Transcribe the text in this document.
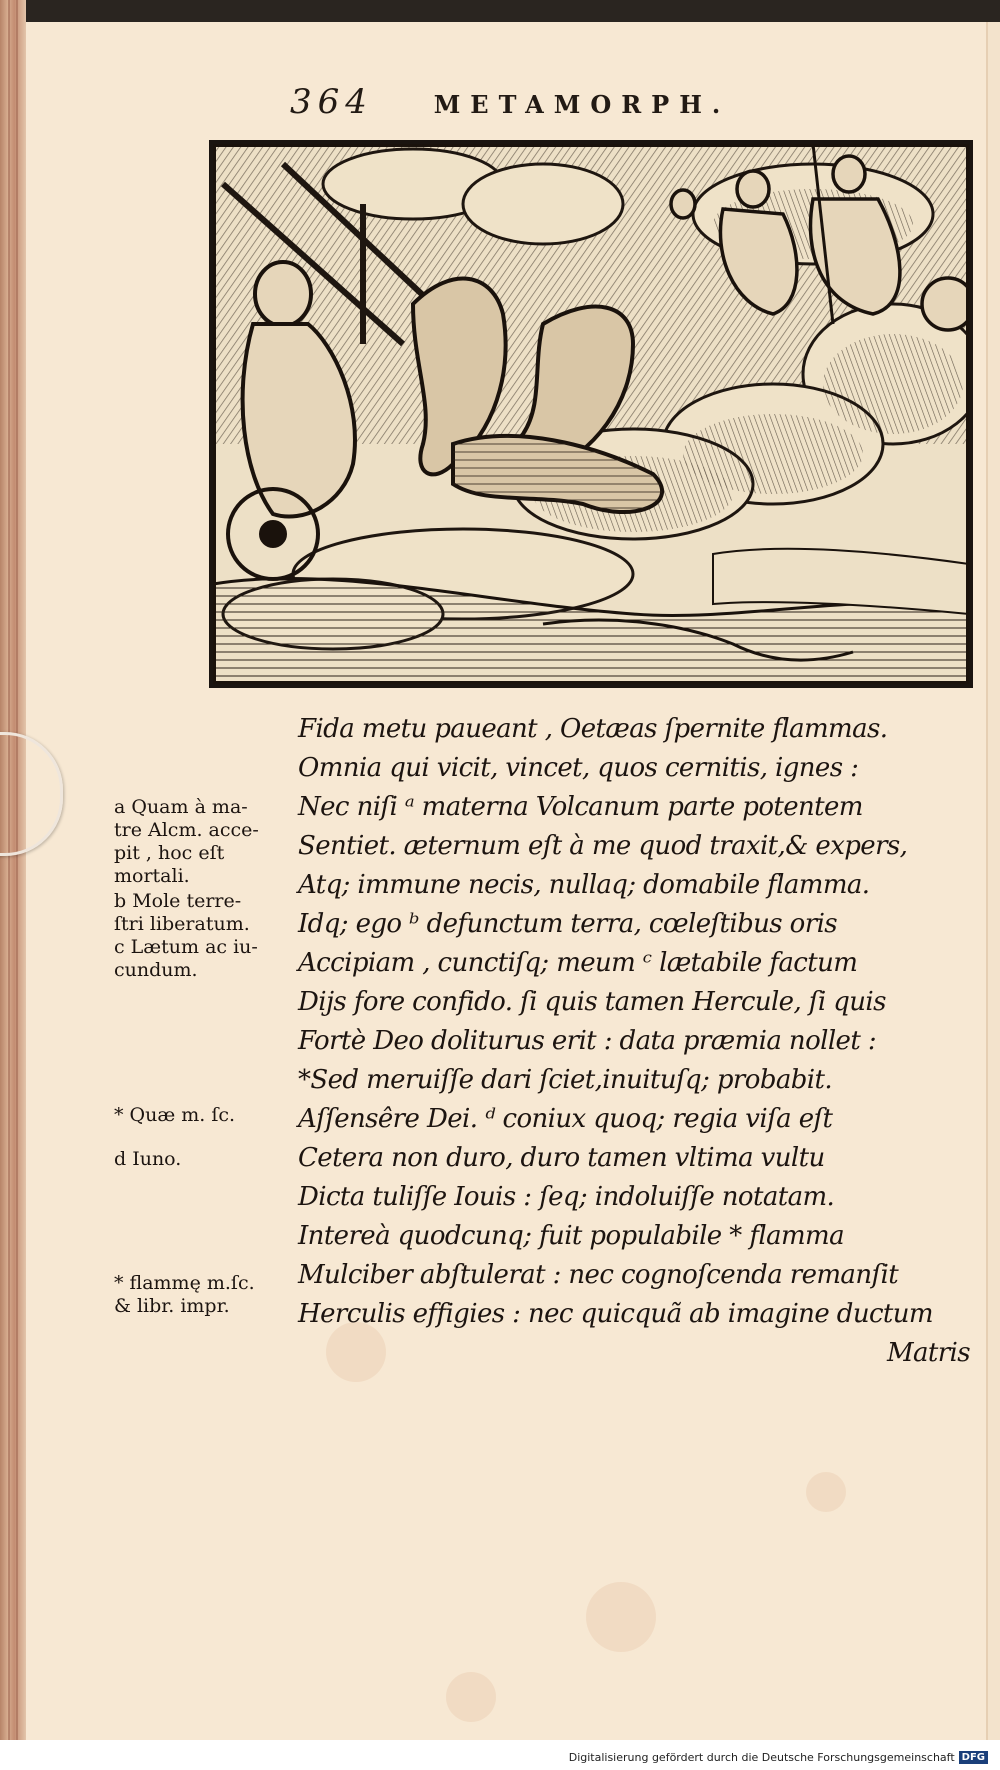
364	METAMORPH.
Fida metu paueant , Oetæas ſpernite flammas.
Omnia qui vicit, vincet, quos cernitis, ignes :
Nec niſi ᵃ materna Volcanum parte potentem
Sentiet. æternum eſt à me quod traxit,& expers,
Atq; immune necis, nullaq; domabile flamma.
Idq; ego ᵇ defunctum terra, cœleſtibus oris
Accipiam , cunctiſq; meum ᶜ lætabile factum
Dijs fore confido. ſi quis tamen Hercule, ſi quis
Fortè Deo doliturus erit : data præmia nollet :
*Sed meruiſſe dari ſciet,inuituſq; probabit.
Aſſensêre Dei. ᵈ coniux quoq; regia viſa eſt
Cetera non duro, duro tamen vltima vultu
Dicta tuliſſe Iouis : ſeq; indoluiſſe notatam.
Intereà quodcunq; fuit populabile * flamma
Mulciber abſtulerat : nec cognoſcenda remanſit
Herculis effigies : nec quicquã ab imagine ductum
Matris
a Quam à ma-
tre Alcm. acce-
pit , hoc eſt
mortali.
b Mole terre-
ſtri liberatum.
c Lætum ac iu-
cundum.
* Quæ m. ſc.
d Iuno.
* flammę m.ſc.
& libr. impr.
Digitalisierung gefördert durch die Deutsche Forschungsgemeinschaft DFG
